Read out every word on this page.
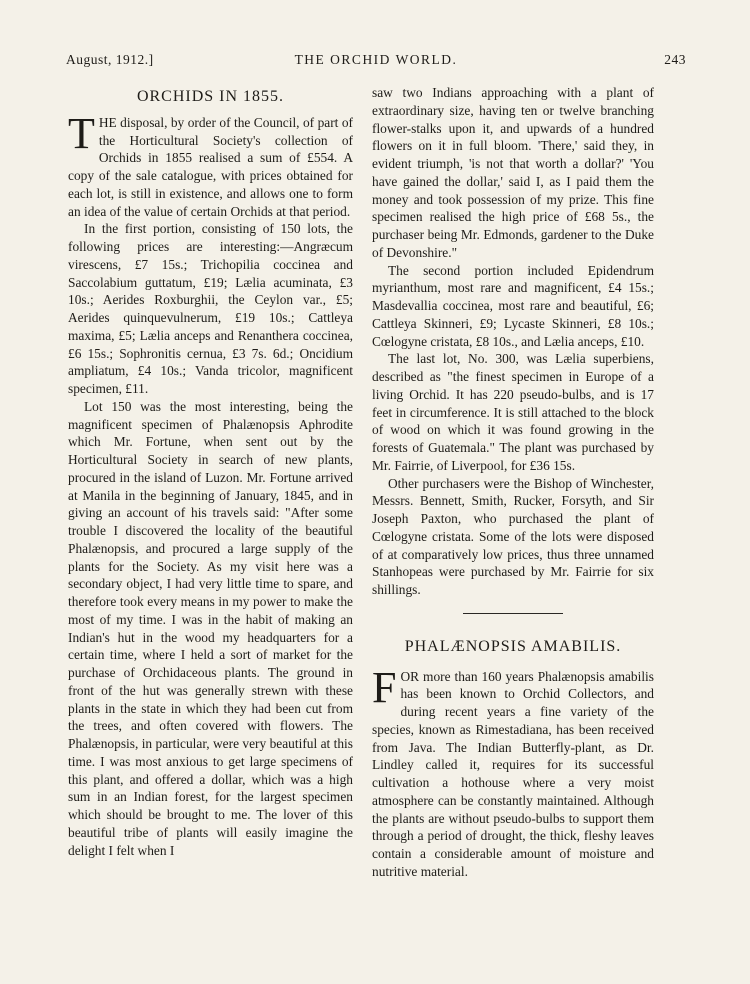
August, 1912.]	THE ORCHID WORLD.	243
ORCHIDS IN 1855.

THE disposal, by order of the Council, of part of the Horticultural Society's collection of Orchids in 1855 realised a sum of £554. A copy of the sale catalogue, with prices obtained for each lot, is still in existence, and allows one to form an idea of the value of certain Orchids at that period.

In the first portion, consisting of 150 lots, the following prices are interesting:—Angræcum virescens, £7 15s.; Trichopilia coccinea and Saccolabium guttatum, £19; Lælia acuminata, £3 10s.; Aerides Roxburghii, the Ceylon var., £5; Aerides quinquevulnerum, £19 10s.; Cattleya maxima, £5; Lælia anceps and Renanthera coccinea, £6 15s.; Sophronitis cernua, £3 7s. 6d.; Oncidium ampliatum, £4 10s.; Vanda tricolor, magnificent specimen, £11.

Lot 150 was the most interesting, being the magnificent specimen of Phalænopsis Aphrodite which Mr. Fortune, when sent out by the Horticultural Society in search of new plants, procured in the island of Luzon. Mr. Fortune arrived at Manila in the beginning of January, 1845, and in giving an account of his travels said: "After some trouble I discovered the locality of the beautiful Phalænopsis, and procured a large supply of the plants for the Society. As my visit here was a secondary object, I had very little time to spare, and therefore took every means in my power to make the most of my time. I was in the habit of making an Indian's hut in the wood my headquarters for a certain time, where I held a sort of market for the purchase of Orchidaceous plants. The ground in front of the hut was generally strewn with these plants in the state in which they had been cut from the trees, and often covered with flowers. The Phalænopsis, in particular, were very beautiful at this time. I was most anxious to get large specimens of this plant, and offered a dollar, which was a high sum in an Indian forest, for the largest specimen which should be brought to me. The lover of this beautiful tribe of plants will easily imagine the delight I felt when I

saw two Indians approaching with a plant of extraordinary size, having ten or twelve branching flower-stalks upon it, and upwards of a hundred flowers on it in full bloom. 'There,' said they, in evident triumph, 'is not that worth a dollar?' 'You have gained the dollar,' said I, as I paid them the money and took possession of my prize. This fine specimen realised the high price of £68 5s., the purchaser being Mr. Edmonds, gardener to the Duke of Devonshire."

The second portion included Epidendrum myrianthum, most rare and magnificent, £4 15s.; Masdevallia coccinea, most rare and beautiful, £6; Cattleya Skinneri, £9; Lycaste Skinneri, £8 10s.; Cœlogyne cristata, £8 10s., and Lælia anceps, £10.

The last lot, No. 300, was Lælia superbiens, described as "the finest specimen in Europe of a living Orchid. It has 220 pseudo-bulbs, and is 17 feet in circumference. It is still attached to the block of wood on which it was found growing in the forests of Guatemala." The plant was purchased by Mr. Fairrie, of Liverpool, for £36 15s.

Other purchasers were the Bishop of Winchester, Messrs. Bennett, Smith, Rucker, Forsyth, and Sir Joseph Paxton, who purchased the plant of Cœlogyne cristata. Some of the lots were disposed of at comparatively low prices, thus three unnamed Stanhopeas were purchased by Mr. Fairrie for six shillings.

PHALÆNOPSIS AMABILIS.

FOR more than 160 years Phalænopsis amabilis has been known to Orchid Collectors, and during recent years a fine variety of the species, known as Rimestadiana, has been received from Java. The Indian Butterfly-plant, as Dr. Lindley called it, requires for its successful cultivation a hothouse where a very moist atmosphere can be constantly maintained. Although the plants are without pseudo-bulbs to support them through a period of drought, the thick, fleshy leaves contain a considerable amount of moisture and nutritive material.
